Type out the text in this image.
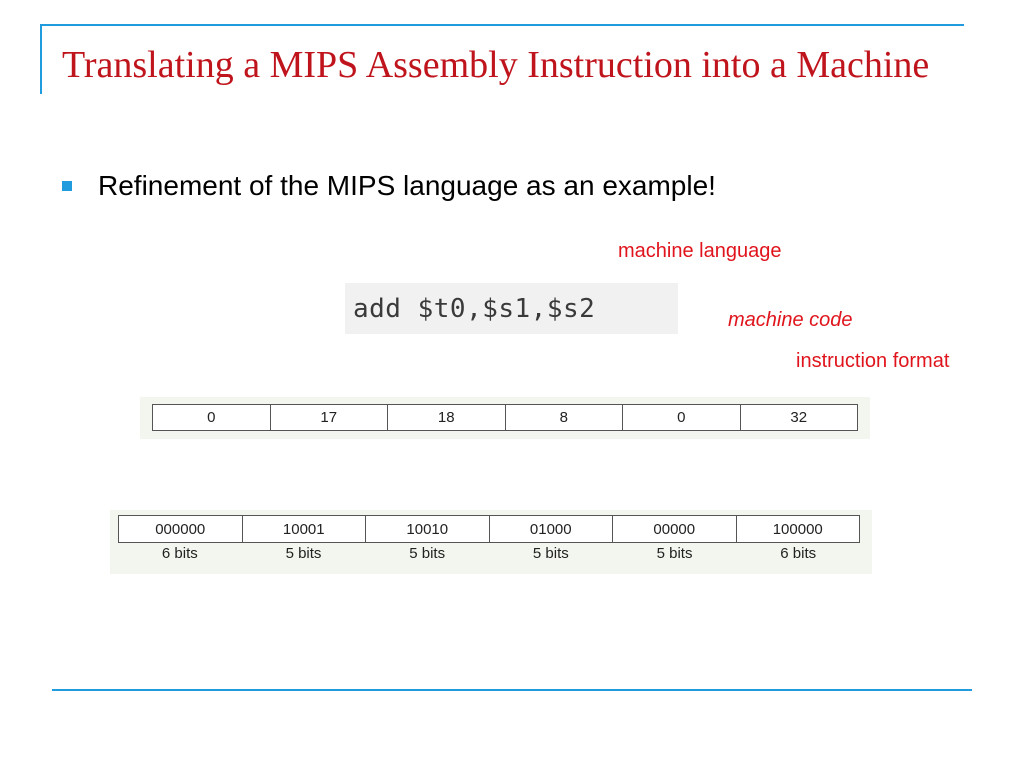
Translating a MIPS Assembly Instruction into a Machine
Refinement of the MIPS language as an example!
machine language
machine code
instruction format
add $t0,$s1,$s2
0	17	18	8	0	32
000000	10001	10010	01000	00000	100000
6 bits	5 bits	5 bits	5 bits	5 bits	6 bits
